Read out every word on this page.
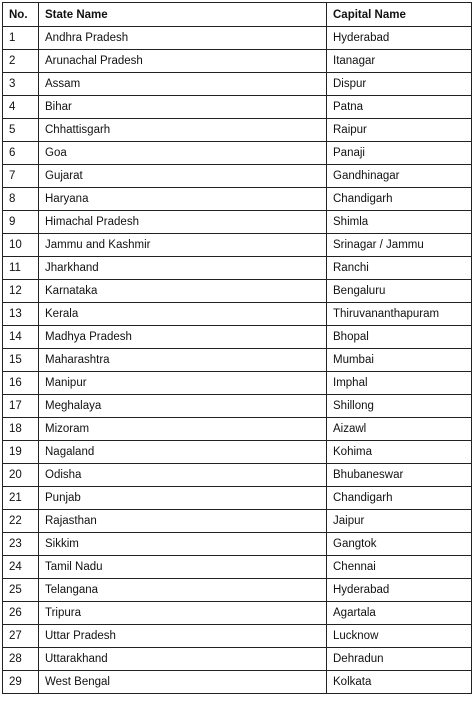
No.	State Name	Capital Name
1	Andhra Pradesh	Hyderabad
2	Arunachal Pradesh	Itanagar
3	Assam	Dispur
4	Bihar	Patna
5	Chhattisgarh	Raipur
6	Goa	Panaji
7	Gujarat	Gandhinagar
8	Haryana	Chandigarh
9	Himachal Pradesh	Shimla
10	Jammu and Kashmir	Srinagar / Jammu
11	Jharkhand	Ranchi
12	Karnataka	Bengaluru
13	Kerala	Thiruvananthapuram
14	Madhya Pradesh	Bhopal
15	Maharashtra	Mumbai
16	Manipur	Imphal
17	Meghalaya	Shillong
18	Mizoram	Aizawl
19	Nagaland	Kohima
20	Odisha	Bhubaneswar
21	Punjab	Chandigarh
22	Rajasthan	Jaipur
23	Sikkim	Gangtok
24	Tamil Nadu	Chennai
25	Telangana	Hyderabad
26	Tripura	Agartala
27	Uttar Pradesh	Lucknow
28	Uttarakhand	Dehradun
29	West Bengal	Kolkata
